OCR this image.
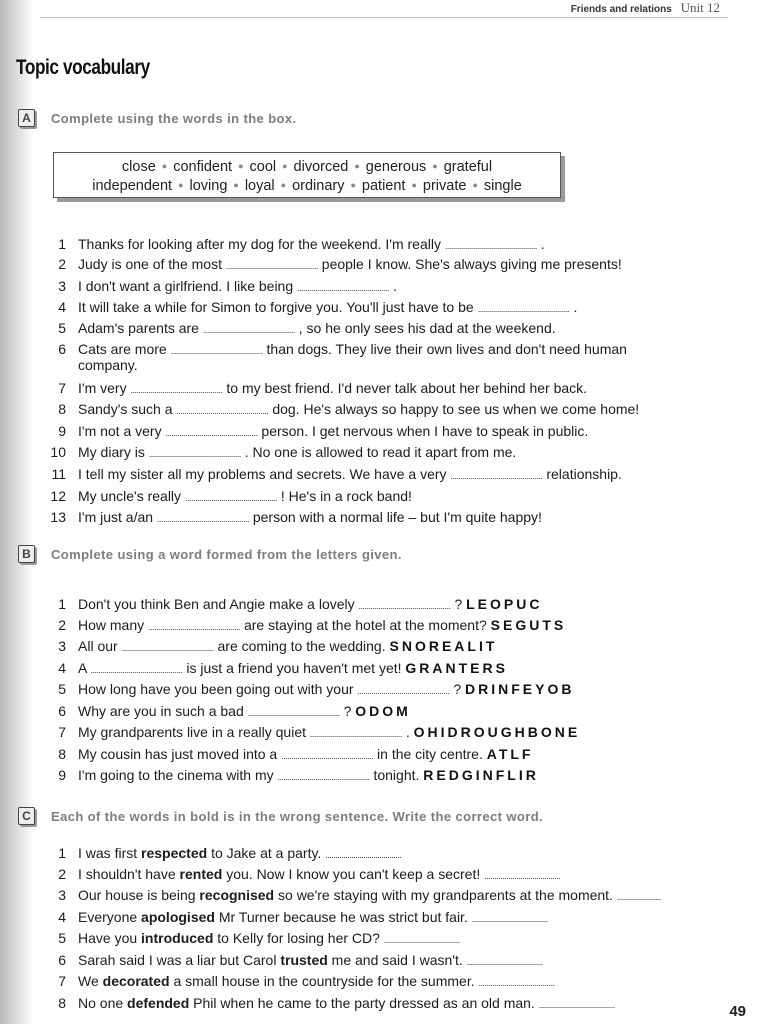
Friends and relations Unit 12
Topic vocabulary
A	Complete using the words in the box.
close ● confident ● cool ● divorced ● generous ● grateful
independent ● loving ● loyal ● ordinary ● patient ● private ● single
1 Thanks for looking after my dog for the weekend. I'm really .............................................. .
2 Judy is one of the most .............................................. people I know. She's always giving me presents!
3 I don't want a girlfriend. I like being .............................................. .
4 It will take a while for Simon to forgive you. You'll just have to be .............................................. .
5 Adam's parents are .............................................. , so he only sees his dad at the weekend.
6 Cats are more .............................................. than dogs. They live their own lives and don't need human
company.
7 I'm very .............................................. to my best friend. I'd never talk about her behind her back.
8 Sandy's such a .............................................. dog. He's always so happy to see us when we come home!
9 I'm not a very .............................................. person. I get nervous when I have to speak in public.
10 My diary is .............................................. . No one is allowed to read it apart from me.
11 I tell my sister all my problems and secrets. We have a very .............................................. relationship.
12 My uncle's really .............................................. ! He's in a rock band!
13 I'm just a/an .............................................. person with a normal life – but I'm quite happy!
B	Complete using a word formed from the letters given.
1 Don't you think Ben and Angie make a lovely .............................................. ? LEOPUC
2 How many .............................................. are staying at the hotel at the moment? SEGUTS
3 All our .............................................. are coming to the wedding. SNOREALIT
4 A .............................................. is just a friend you haven't met yet! GRANTERS
5 How long have you been going out with your .............................................. ? DRINFEYOB
6 Why are you in such a bad .............................................. ? ODOM
7 My grandparents live in a really quiet .............................................. . OHIDROUGHBONE
8 My cousin has just moved into a .............................................. in the city centre. ATLF
9 I'm going to the cinema with my .............................................. tonight. REDGINFLIR
C	Each of the words in bold is in the wrong sentence. Write the correct word.
1 I was first respected to Jake at a party. ......................................
2 I shouldn't have rented you. Now I know you can't keep a secret! ......................................
3 Our house is being recognised so we're staying with my grandparents at the moment. ......................
4 Everyone apologised Mr Turner because he was strict but fair. ......................................
5 Have you introduced to Kelly for losing her CD? ......................................
6 Sarah said I was a liar but Carol trusted me and said I wasn't. ......................................
7 We decorated a small house in the countryside for the summer. ......................................
8 No one defended Phil when he came to the party dressed as an old man. ......................................	49
